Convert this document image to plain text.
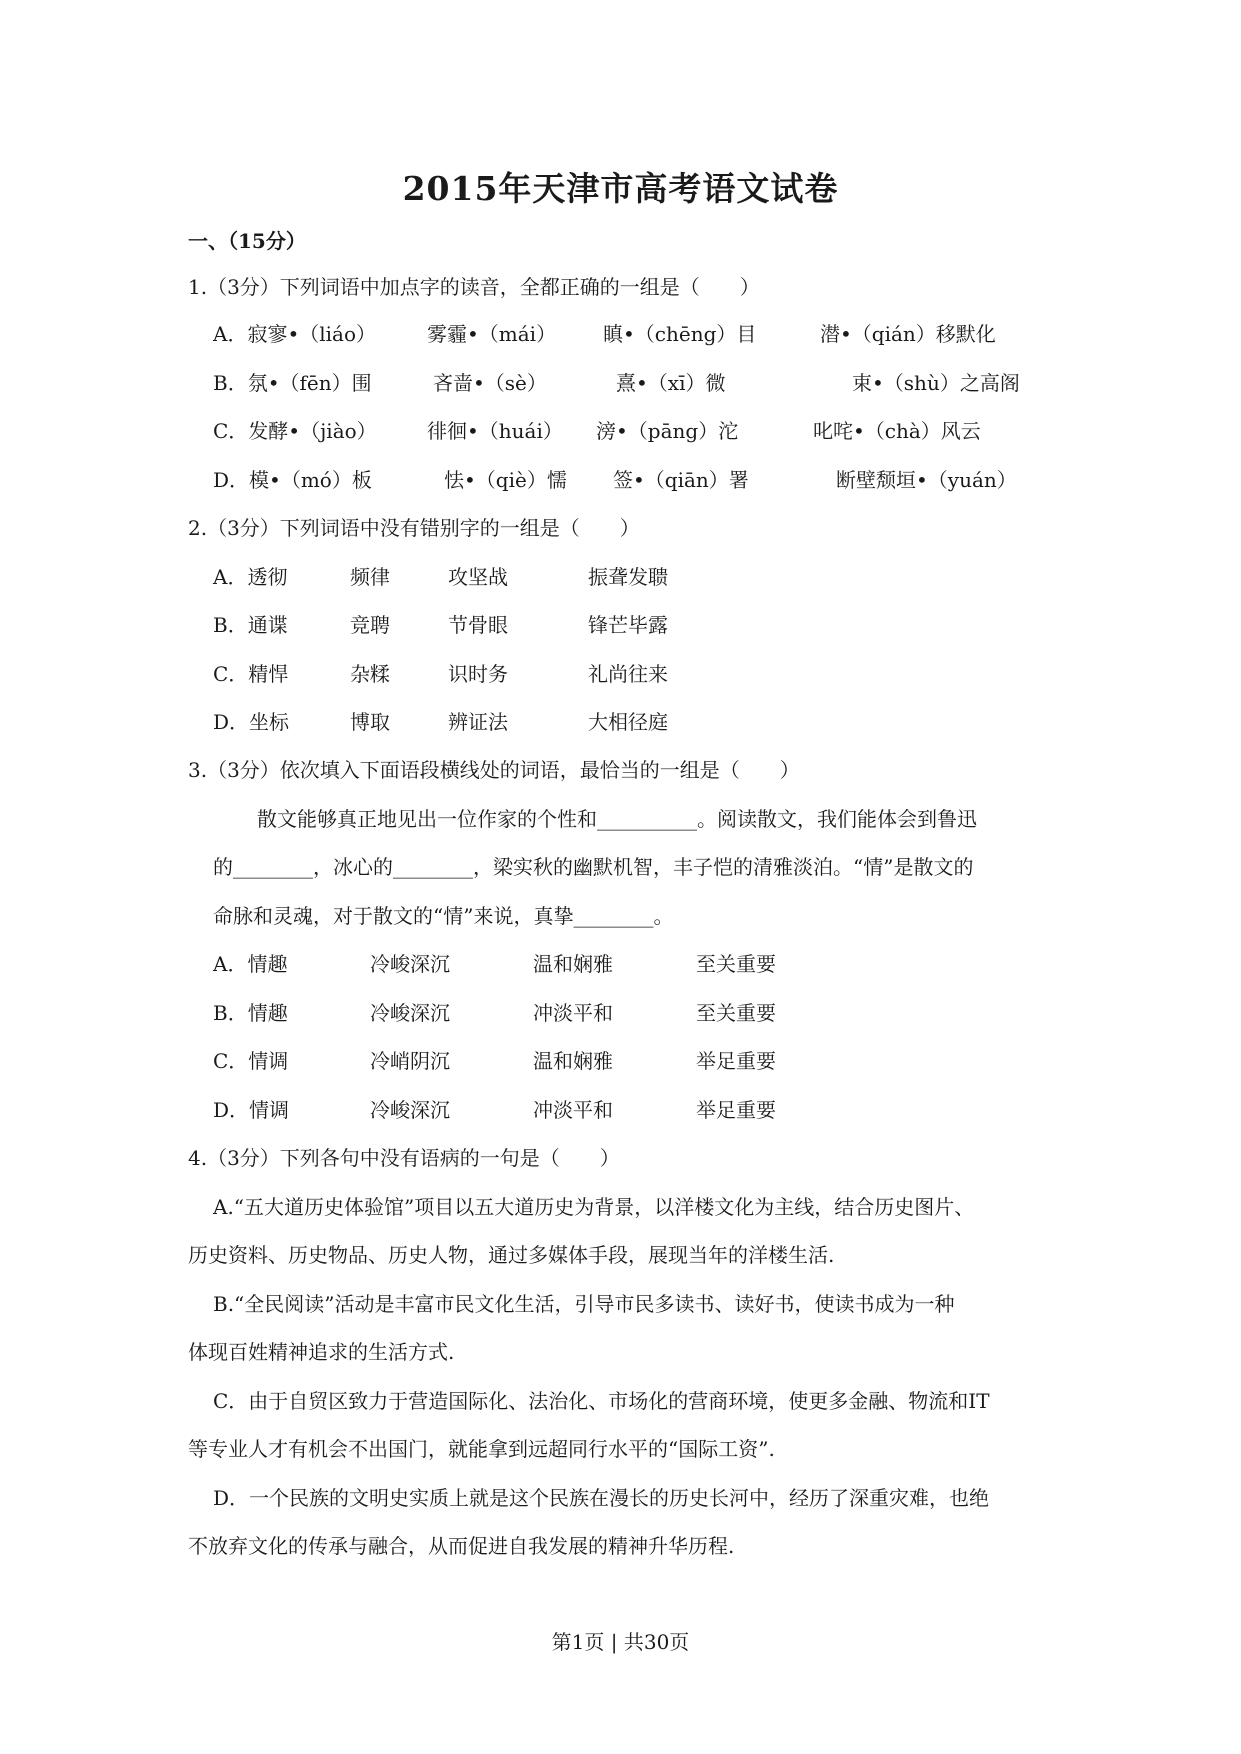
2015年天津市高考语文试卷
一、（15分）
1.（3分）下列词语中加点字的读音，全都正确的一组是（　　）
A．寂寥•（liáo）	雾霾•（mái） 瞋•（chēng）目	潜•（qián）移默化
B．氛•（fēn）围	吝啬•（sè）	熹•（xī）微	束•（shù）之高阁
C．发酵•（jiào）	徘徊•（huái） 滂•（pāng）沱	叱咤•（chà）风云
D．模•（mó）板	怯•（qiè）懦 签•（qiān）署	断壁颓垣•（yuán）
2.（3分）下列词语中没有错别字的一组是（　　）
A．透彻	频律	攻坚战	振聋发聩
B．通谍	竞聘	节骨眼	锋芒毕露
C．精悍	杂糅	识时务	礼尚往来
D．坐标	博取	辨证法	大相径庭
3.（3分）依次填入下面语段横线处的词语，最恰当的一组是（　　）
散文能够真正地见出一位作家的个性和__________。阅读散文，我们能体会到鲁迅
的________，冰心的________，梁实秋的幽默机智，丰子恺的清雅淡泊。“情”是散文的
命脉和灵魂，对于散文的“情”来说，真挚________。
A．情趣	冷峻深沉	温和娴雅	至关重要
B．情趣	冷峻深沉	冲淡平和	至关重要
C．情调	冷峭阴沉	温和娴雅	举足重要
D．情调	冷峻深沉	冲淡平和	举足重要
4.（3分）下列各句中没有语病的一句是（　　）
A.“五大道历史体验馆”项目以五大道历史为背景，以洋楼文化为主线，结合历史图片、
历史资料、历史物品、历史人物，通过多媒体手段，展现当年的洋楼生活.
B.“全民阅读”活动是丰富市民文化生活，引导市民多读书、读好书，使读书成为一种
体现百姓精神追求的生活方式.
C．由于自贸区致力于营造国际化、法治化、市场化的营商环境，使更多金融、物流和IT
等专业人才有机会不出国门，就能拿到远超同行水平的“国际工资”.
D．一个民族的文明史实质上就是这个民族在漫长的历史长河中，经历了深重灾难，也绝
不放弃文化的传承与融合，从而促进自我发展的精神升华历程.
第1页 | 共30页
